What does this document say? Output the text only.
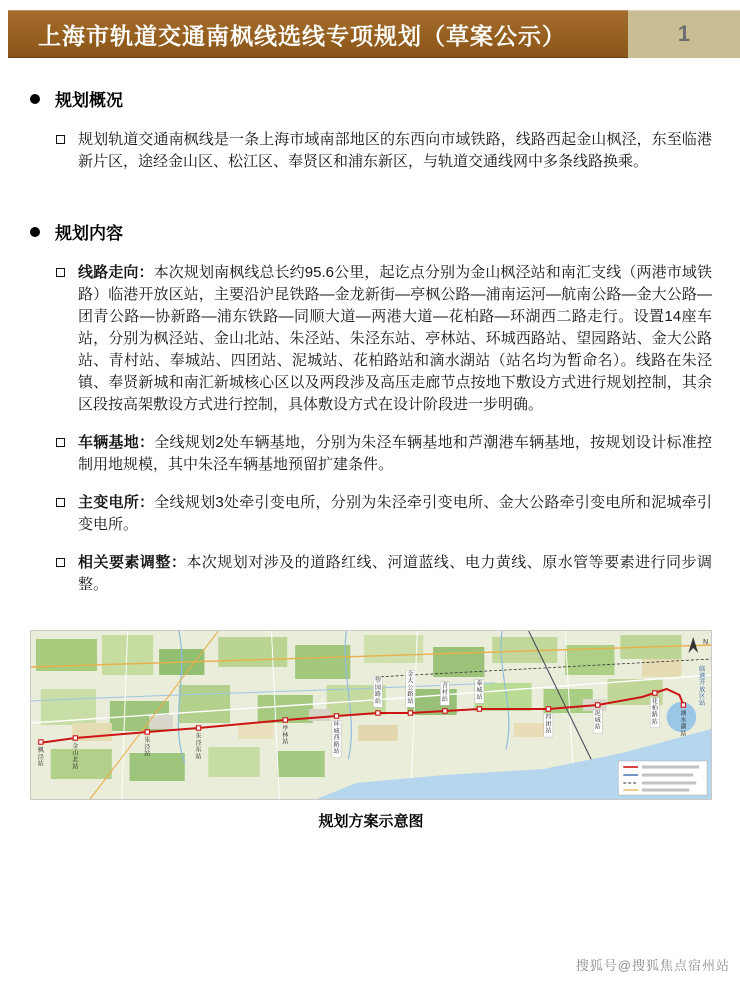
上海市轨道交通南枫线选线专项规划（草案公示）	1
规划概况

规划轨道交通南枫线是一条上海市域南部地区的东西向市域铁路，线路西起金山枫泾，东至临港新片区，途经金山区、松江区、奉贤区和浦东新区，与轨道交通线网中多条线路换乘。

规划内容

线路走向：本次规划南枫线总长约95.6公里，起讫点分别为金山枫泾站和南汇支线（两港市域铁路）临港开放区站，主要沿沪昆铁路—金龙新街—亭枫公路—浦南运河—航南公路—金大公路—团青公路—协新路—浦东铁路—同顺大道—两港大道—花柏路—环湖西二路走行。设置14座车站，分别为枫泾站、金山北站、朱泾站、朱泾东站、亭林站、环城西路站、望园路站、金大公路站、青村站、奉城站、四团站、泥城站、花柏路站和滴水湖站（站名均为暂命名）。线路在朱泾镇、奉贤新城和南汇新城核心区以及两段涉及高压走廊节点按地下敷设方式进行规划控制，其余区段按高架敷设方式进行控制，具体敷设方式在设计阶段进一步明确。

车辆基地：全线规划2处车辆基地，分别为朱泾车辆基地和芦潮港车辆基地，按规划设计标准控制用地规模，其中朱泾车辆基地预留扩建条件。

主变电所：全线规划3处牵引变电所，分别为朱泾牵引变电所、金大公路牵引变电所和泥城牵引变电所。

相关要素调整：本次规划对涉及的道路红线、河道蓝线、电力黄线、原水管等要素进行同步调整。

枫泾站
金山北站
朱泾站
朱泾东站
亭林站
环城西路站
望园路站
金大公路站
青村站
奉城站
四团站
泥城站
花柏路站
滴水湖站
临港开放区站
N
规划方案示意图
搜狐号@搜狐焦点宿州站
